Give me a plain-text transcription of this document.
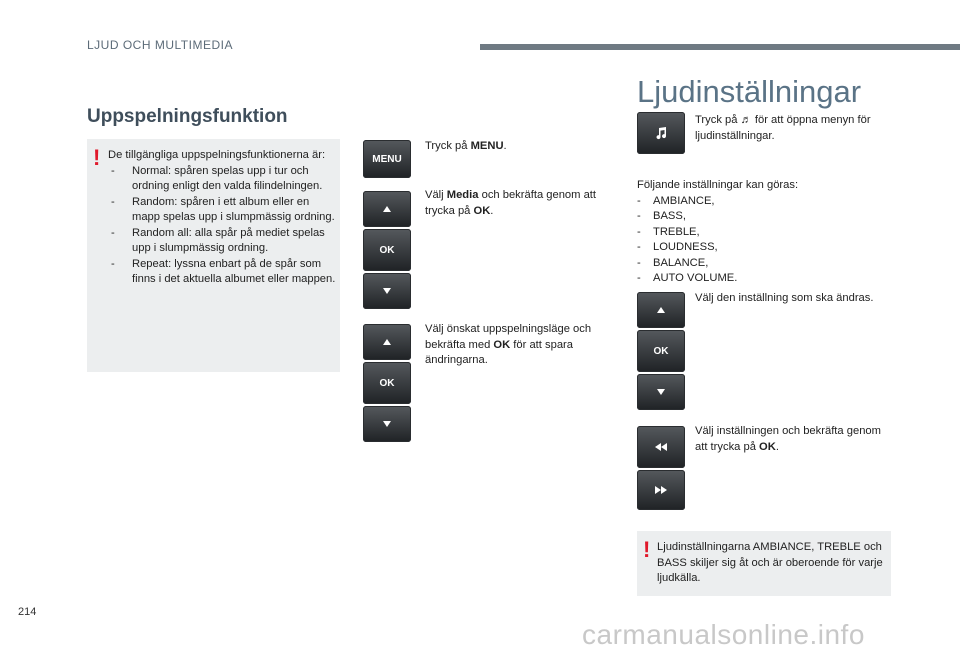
LJUD OCH MULTIMEDIA
Uppspelningsfunktion
! De tillgängliga uppspelningsfunktionerna är:
- Normal: spåren spelas upp i tur och ordning enligt den valda filindelningen.
- Random: spåren i ett album eller en mapp spelas upp i slumpmässig ordning.
- Random all: alla spår på mediet spelas upp i slumpmässig ordning.
- Repeat: lyssna enbart på de spår som finns i det aktuella albumet eller mappen.
MENU
OK
OK
Tryck på MENU.
Välj Media och bekräfta genom att trycka på OK.
Välj önskat uppspelningsläge och bekräfta med OK för att spara ändringarna.
Ljudinställningar
Tryck på ♬ för att öppna menyn för ljudinställningar.
Följande inställningar kan göras:
- AMBIANCE,
- BASS,
- TREBLE,
- LOUDNESS,
- BALANCE,
- AUTO VOLUME.
OK
Välj den inställning som ska ändras.
Välj inställningen och bekräfta genom att trycka på OK.
! Ljudinställningarna AMBIANCE, TREBLE och BASS skiljer sig åt och är oberoende för varje ljudkälla.
214
carmanualsonline.info
